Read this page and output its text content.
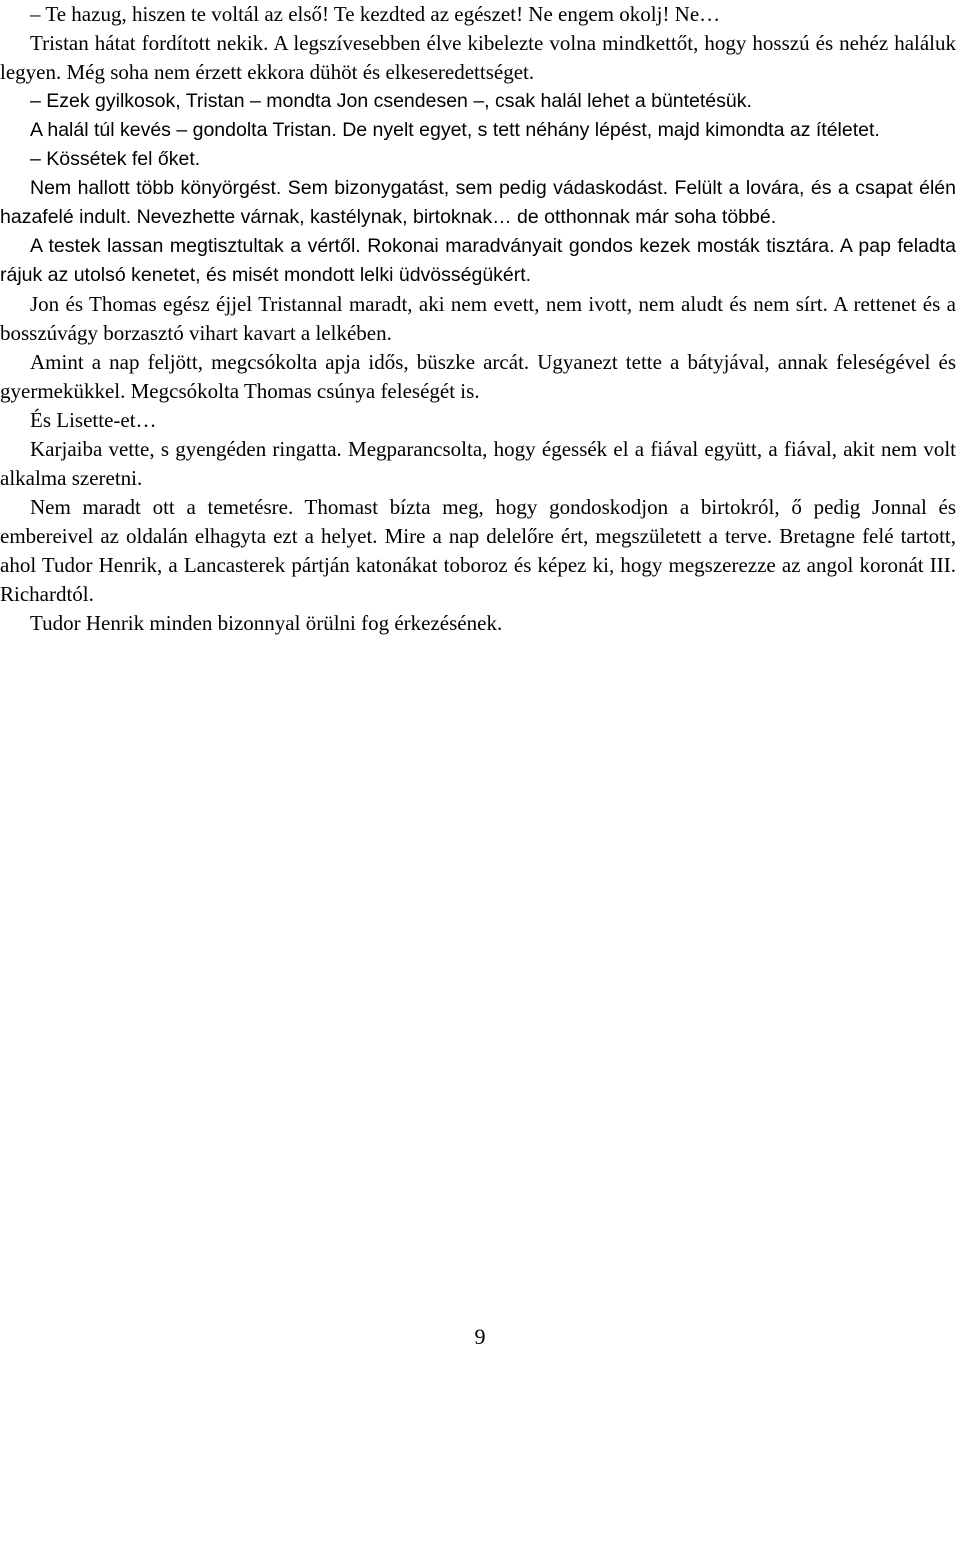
– Te hazug, hiszen te voltál az első! Te kezdted az egészet! Ne engem okolj! Ne…

Tristan hátat fordított nekik. A legszívesebben élve kibelezte volna mindkettőt, hogy hosszú és nehéz haláluk legyen. Még soha nem érzett ekkora dühöt és elkeseredettséget.

– Ezek gyilkosok, Tristan – mondta Jon csendesen –, csak halál lehet a büntetésük.

A halál túl kevés – gondolta Tristan. De nyelt egyet, s tett néhány lépést, majd kimondta az ítéletet.

– Kössétek fel őket.

Nem hallott több könyörgést. Sem bizonygatást, sem pedig vádaskodást. Felült a lovára, és a csapat élén hazafelé indult. Nevezhette várnak, kastélynak, birtoknak… de otthonnak már soha többé.

A testek lassan megtisztultak a vértől. Rokonai maradványait gondos kezek mosták tisztára. A pap feladta rájuk az utolsó kenetet, és misét mondott lelki üdvösségükért.

Jon és Thomas egész éjjel Tristannal maradt, aki nem evett, nem ivott, nem aludt és nem sírt. A rettenet és a bosszúvágy borzasztó vihart kavart a lelkében.

Amint a nap feljött, megcsókolta apja idős, büszke arcát. Ugyanezt tette a bátyjával, annak feleségével és gyermekükkel. Megcsókolta Thomas csúnya feleségét is.

És Lisette-et…

Karjaiba vette, s gyengéden ringatta. Megparancsolta, hogy égessék el a fiával együtt, a fiával, akit nem volt alkalma szeretni.

Nem maradt ott a temetésre. Thomast bízta meg, hogy gondoskodjon a birtokról, ő pedig Jonnal és embereivel az oldalán elhagyta ezt a helyet. Mire a nap delelőre ért, megszületett a terve. Bretagne felé tartott, ahol Tudor Henrik, a Lancasterek pártján katonákat toboroz és képez ki, hogy megszerezze az angol koronát III. Richardtól.

Tudor Henrik minden bizonnyal örülni fog érkezésének.

9
